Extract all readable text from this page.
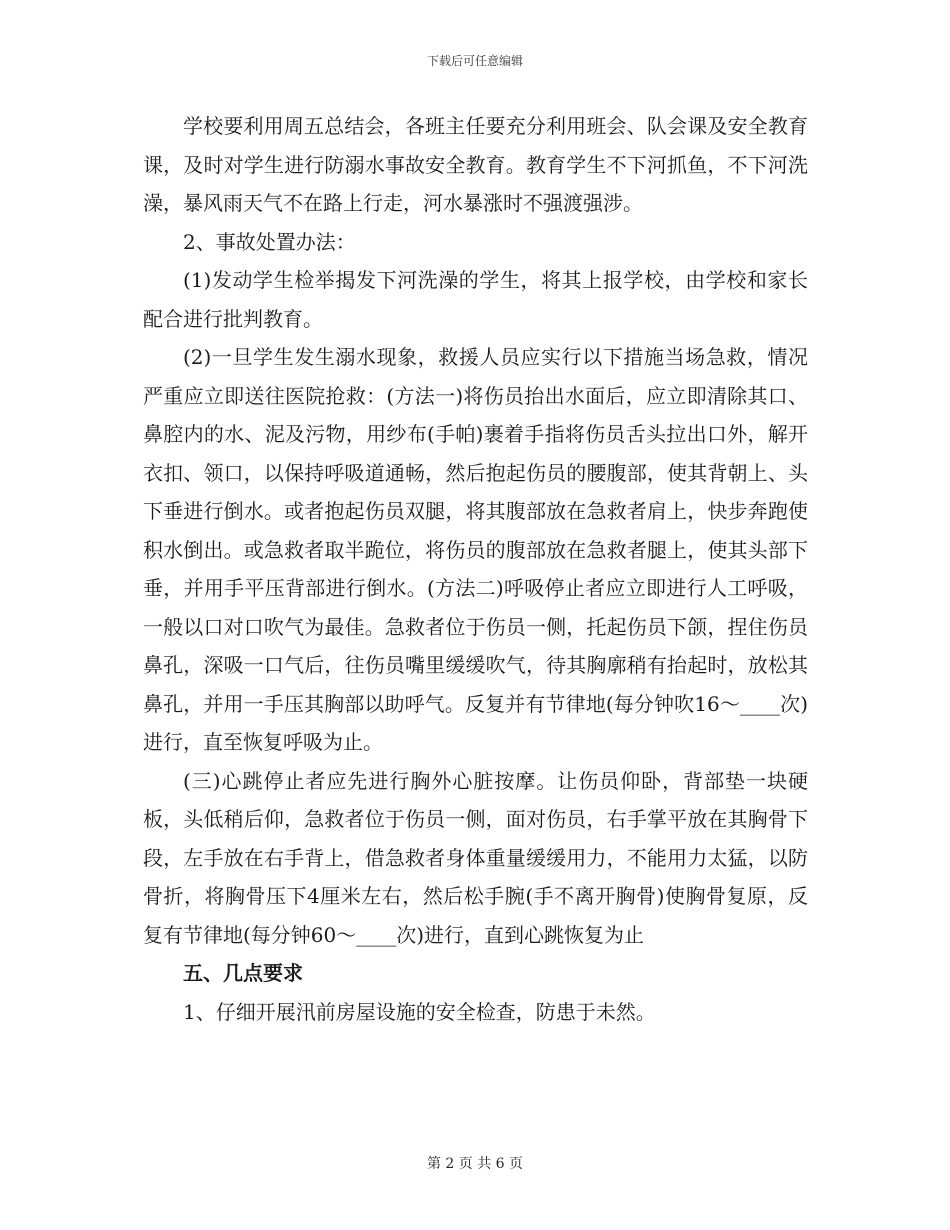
下载后可任意编辑

学校要利用周五总结会，各班主任要充分利用班会、队会课及安全教育课，及时对学生进行防溺水事故安全教育。教育学生不下河抓鱼，不下河洗澡，暴风雨天气不在路上行走，河水暴涨时不强渡强涉。

2、事故处置办法：

(1)发动学生检举揭发下河洗澡的学生，将其上报学校，由学校和家长配合进行批判教育。

(2)一旦学生发生溺水现象，救援人员应实行以下措施当场急救，情况严重应立即送往医院抢救：(方法一)将伤员抬出水面后，应立即清除其口、鼻腔内的水、泥及污物，用纱布(手帕)裹着手指将伤员舌头拉出口外，解开衣扣、领口，以保持呼吸道通畅，然后抱起伤员的腰腹部，使其背朝上、头下垂进行倒水。或者抱起伤员双腿，将其腹部放在急救者肩上，快步奔跑使积水倒出。或急救者取半跪位，将伤员的腹部放在急救者腿上，使其头部下垂，并用手平压背部进行倒水。(方法二)呼吸停止者应立即进行人工呼吸，一般以口对口吹气为最佳。急救者位于伤员一侧，托起伤员下颌，捏住伤员鼻孔，深吸一口气后，往伤员嘴里缓缓吹气，待其胸廓稍有抬起时，放松其鼻孔，并用一手压其胸部以助呼气。反复并有节律地(每分钟吹16～____次)进行，直至恢复呼吸为止。

(三)心跳停止者应先进行胸外心脏按摩。让伤员仰卧，背部垫一块硬板，头低稍后仰，急救者位于伤员一侧，面对伤员，右手掌平放在其胸骨下段，左手放在右手背上，借急救者身体重量缓缓用力，不能用力太猛，以防骨折，将胸骨压下4厘米左右，然后松手腕(手不离开胸骨)使胸骨复原，反复有节律地(每分钟60～____次)进行，直到心跳恢复为止

五、几点要求

1、仔细开展汛前房屋设施的安全检查，防患于未然。

第 2 页 共 6 页
